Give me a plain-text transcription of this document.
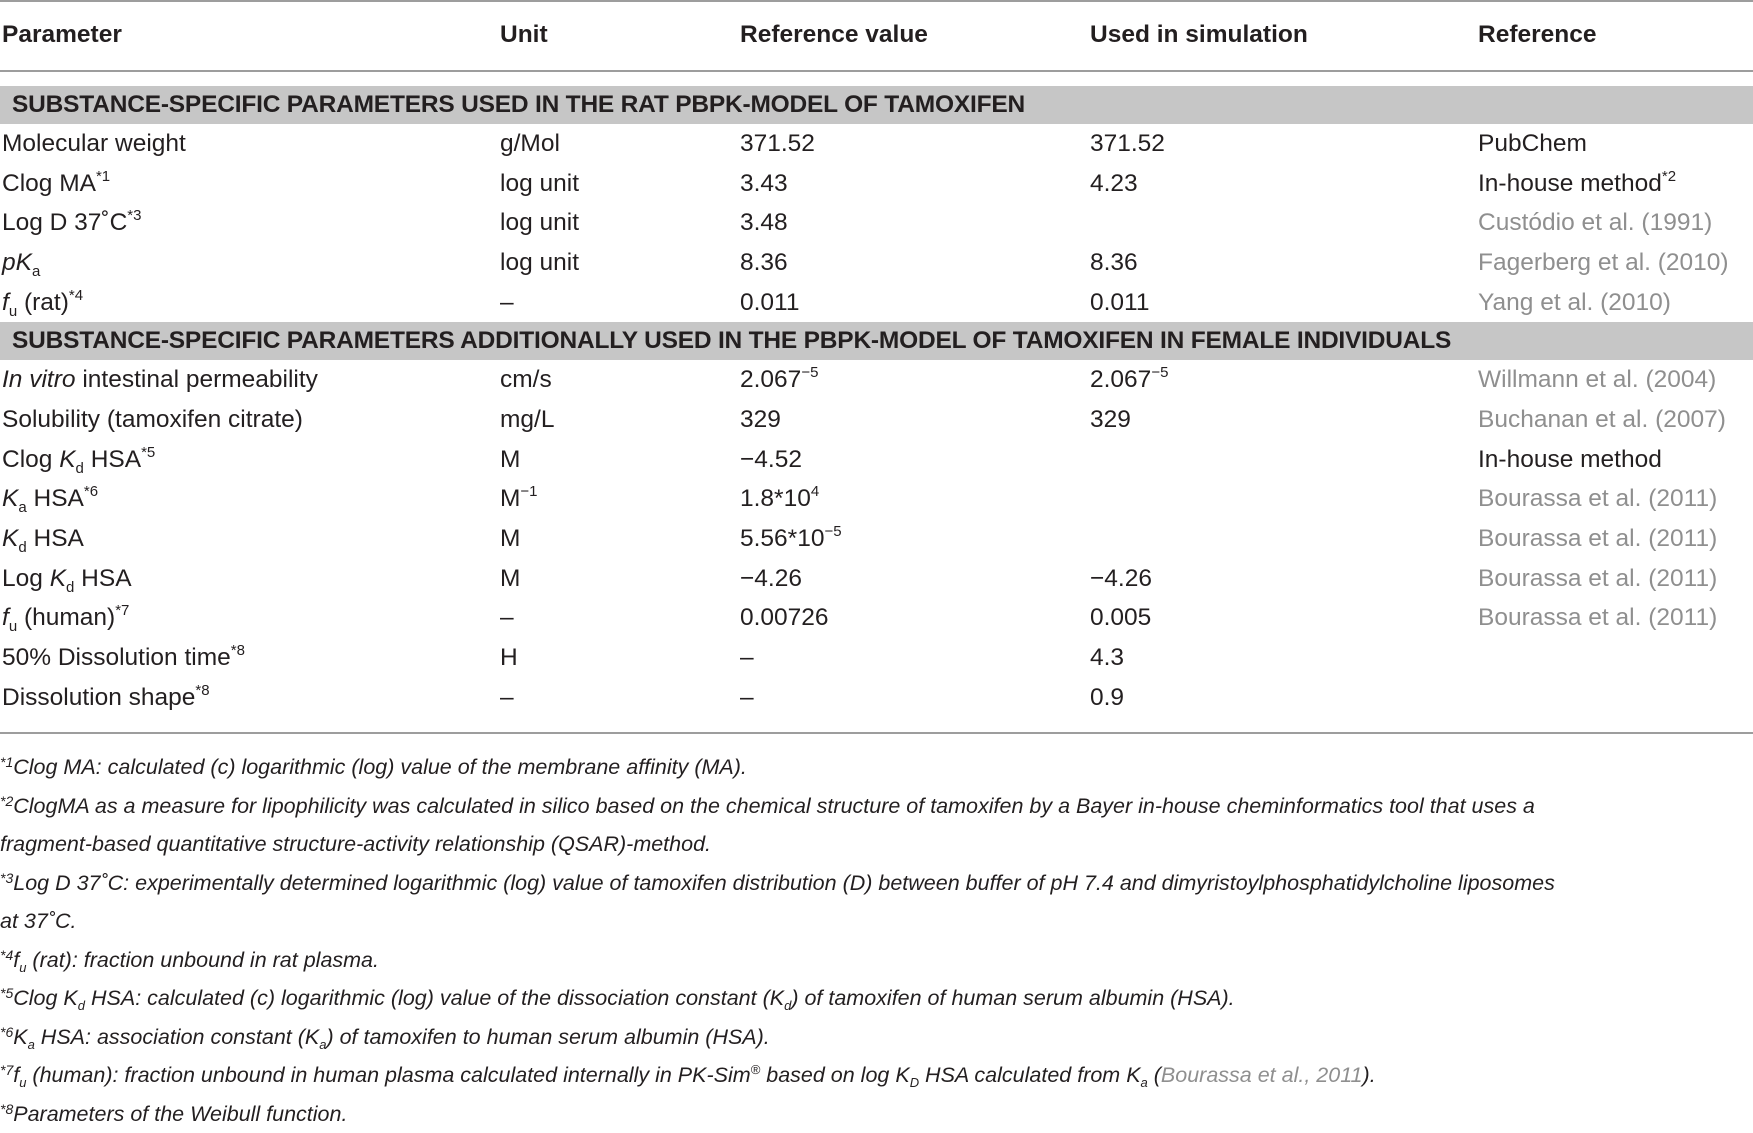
Parameter	Unit	Reference value	Used in simulation	Reference

SUBSTANCE-SPECIFIC PARAMETERS USED IN THE RAT PBPK-MODEL OF TAMOXIFEN				
Molecular weight	g/Mol	371.52	371.52	PubChem
Clog MA$^{*1}$	log unit	3.43	4.23	In-house method$^{*2}$
Log D $37˚C^{*3}$	log unit	3.48		Custódio et al. (1991)
$pK_a$	log unit	8.36	8.36	Fagerberg et al. (2010)
$f_u$ (rat)$^{*4}$	–	0.011	0.011	Yang et al. (2010)
SUBSTANCE-SPECIFIC PARAMETERS ADDITIONALLY USED IN THE PBPK-MODEL OF TAMOXIFEN IN FEMALE INDIVIDUALS				
In vitro intestinal permeability	cm/s	$2.067^{-5}$	$2.067^{-5}$	Willmann et al. (2004)
Solubility (tamoxifen citrate)	mg/L	329	329	Buchanan et al. (2007)
Clog $K_d$ HSA$^{*5}$	M	−4.52		In-house method
$K_a$ HSA$^{*6}$	$M^{-1}$	$1.8*10^4$		Bourassa et al. (2011)
$K_d$ HSA	M	$5.56*10^{-5}$		Bourassa et al. (2011)
Log $K_d$ HSA	M	−4.26	−4.26	Bourassa et al. (2011)
$f_u$ (human)$^{*7}$	–	0.00726	0.005	Bourassa et al. (2011)
50% Dissolution time$^{*8}$	H	–	4.3	
Dissolution shape$^{*8}$	–	–	0.9	

$^{*1}$Clog MA: calculated (c) logarithmic (log) value of the membrane affinity (MA).

$^{*2}$ClogMA as a measure for lipophilicity was calculated in silico based on the chemical structure of tamoxifen by a Bayer in-house cheminformatics tool that uses a

fragment-based quantitative structure-activity relationship (QSAR)-method.

$^{*3}$Log D 37˚C: experimentally determined logarithmic (log) value of tamoxifen distribution (D) between buffer of pH 7.4 and dimyristoylphosphatidylcholine liposomes

at 37˚C.

$^{*4}f_u$ (rat): fraction unbound in rat plasma.

$^{*5}$Clog $K_d$ HSA: calculated (c) logarithmic (log) value of the dissociation constant $(K_d)$ of tamoxifen of human serum albumin (HSA).

$^{*6}K_a$ HSA: association constant $(K_a)$ of tamoxifen to human serum albumin (HSA).

$^{*7}f_u$ (human): fraction unbound in human plasma calculated internally in PK-Sim® based on $\log K_D$ HSA calculated from $K_a$ (Bourassa et al., 2011).

$^{*8}$Parameters of the Weibull function.
